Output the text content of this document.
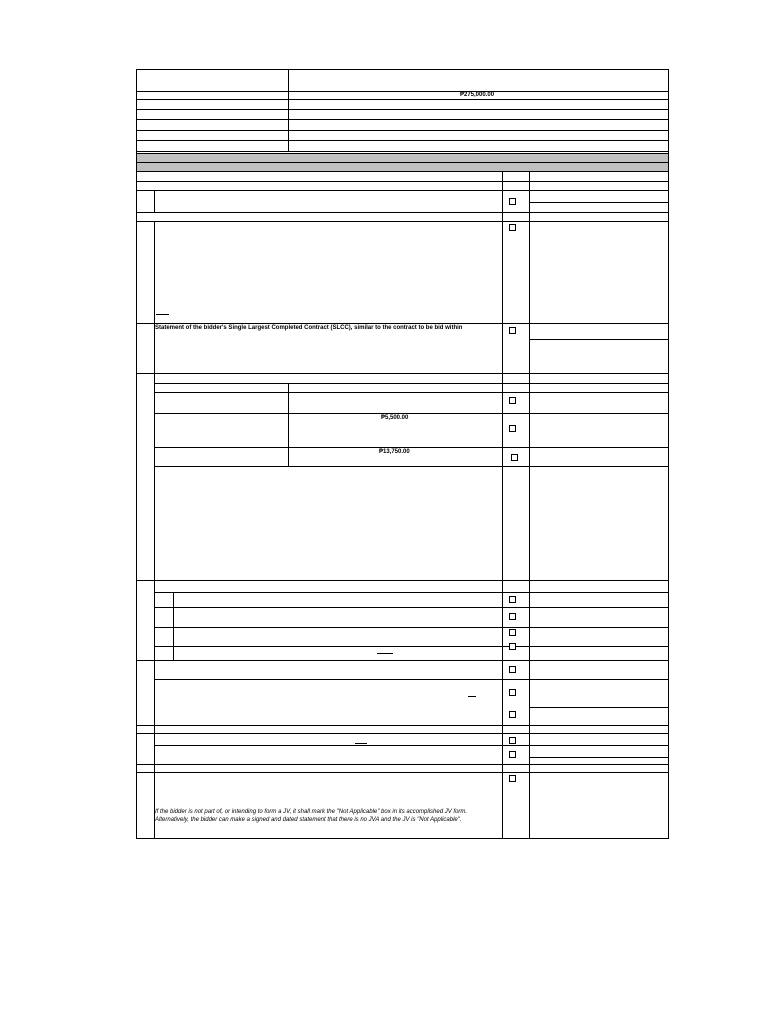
₱275,000.00
Statement of the bidder's Single Largest Completed Contract (SLCC), similar to the contract to be bid within
₱5,500.00
₱13,750.00
If the bidder is not part of, or intending to form a JV, it shall mark the "Not Applicable" box in its accomplished JV form.
Alternatively, the bidder can make a signed and dated statement that there is no JVA and the JV is "Not Applicable".
